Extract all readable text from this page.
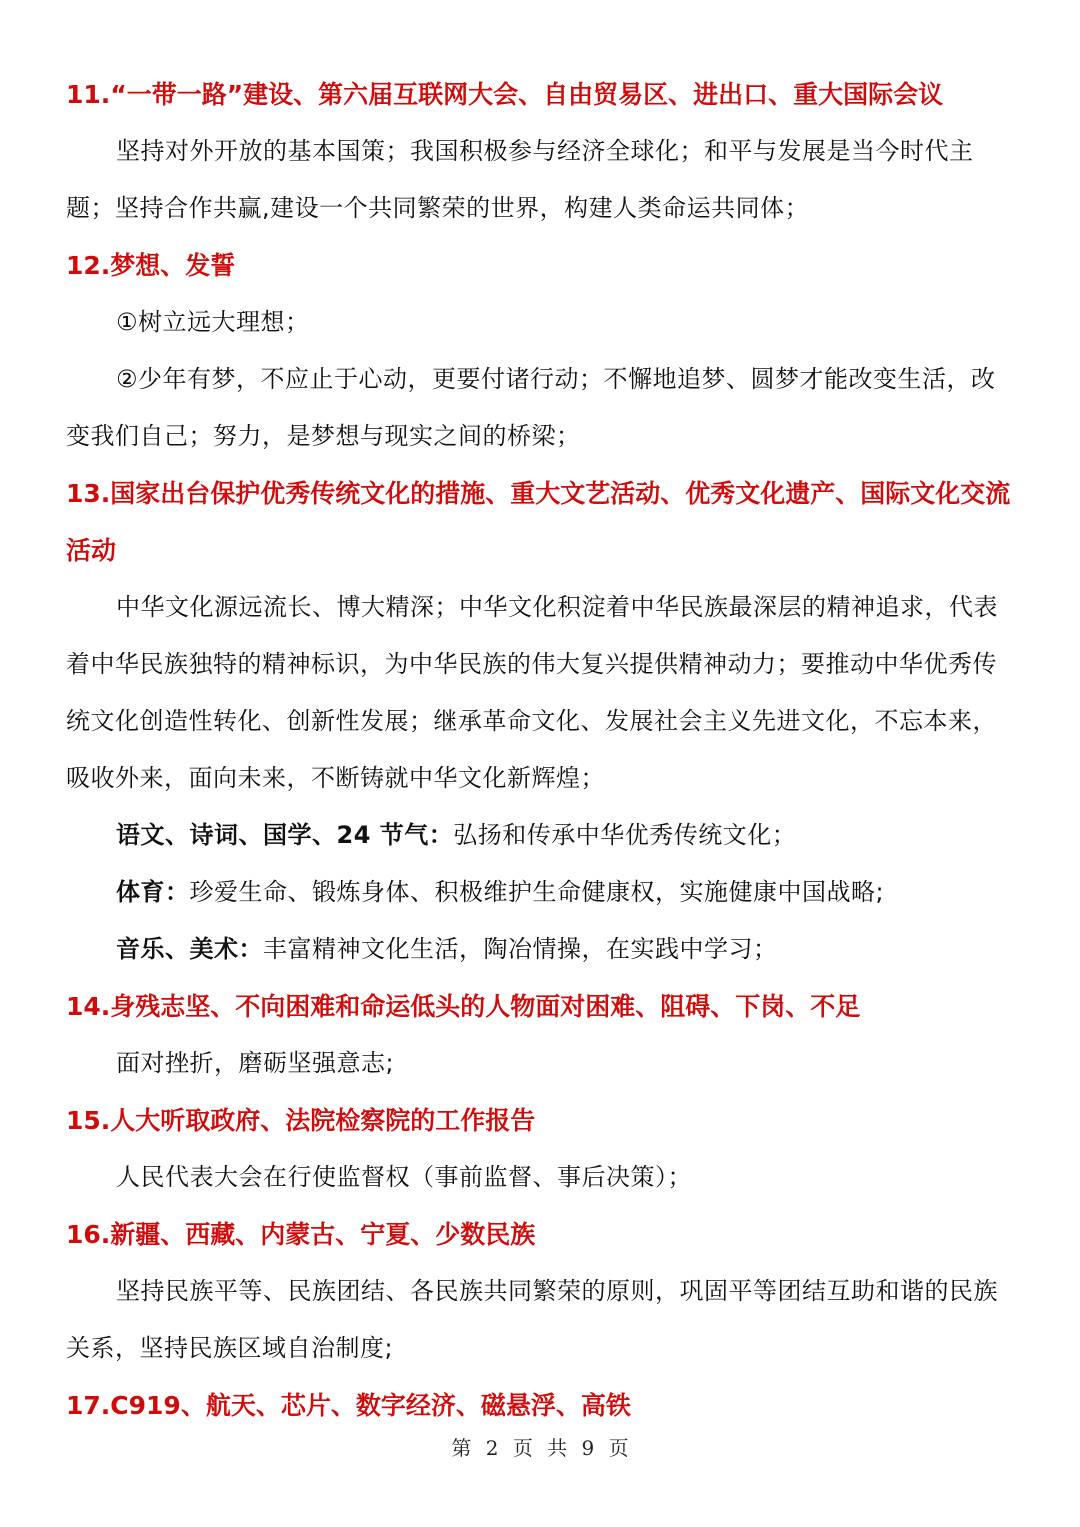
11.“一带一路”建设、第六届互联网大会、自由贸易区、进出口、重大国际会议

坚持对外开放的基本国策；我国积极参与经济全球化；和平与发展是当今时代主题；坚持合作共赢,建设一个共同繁荣的世界，构建人类命运共同体；

12.梦想、发誓

①树立远大理想；

②少年有梦，不应止于心动，更要付诸行动；不懈地追梦、圆梦才能改变生活，改变我们自己；努力，是梦想与现实之间的桥梁；

13.国家出台保护优秀传统文化的措施、重大文艺活动、优秀文化遗产、国际文化交流活动

中华文化源远流长、博大精深；中华文化积淀着中华民族最深层的精神追求，代表着中华民族独特的精神标识，为中华民族的伟大复兴提供精神动力；要推动中华优秀传统文化创造性转化、创新性发展；继承革命文化、发展社会主义先进文化，不忘本来，吸收外来，面向未来，不断铸就中华文化新辉煌；

语文、诗词、国学、24 节气：弘扬和传承中华优秀传统文化；

体育：珍爱生命、锻炼身体、积极维护生命健康权，实施健康中国战略;

音乐、美术：丰富精神文化生活，陶冶情操，在实践中学习；

14.身残志坚、不向困难和命运低头的人物面对困难、阻碍、下岗、不足

面对挫折，磨砺坚强意志;

15.人大听取政府、法院检察院的工作报告

人民代表大会在行使监督权（事前监督、事后决策）；

16.新疆、西藏、内蒙古、宁夏、少数民族

坚持民族平等、民族团结、各民族共同繁荣的原则，巩固平等团结互助和谐的民族关系，坚持民族区域自治制度;

17.C919、航天、芯片、数字经济、磁悬浮、高铁

第 2 页 共 9 页
